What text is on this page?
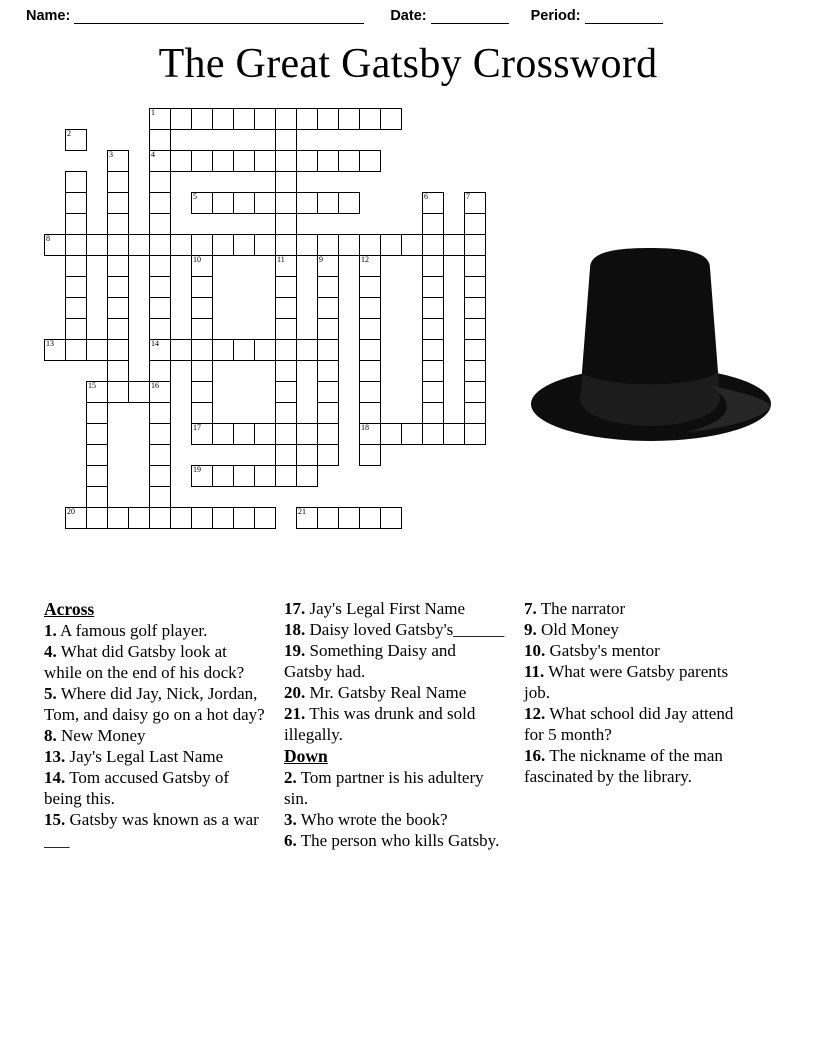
Name:	Date:	Period:
The Great Gatsby Crossword
1
2
3	4
5	6	7
8
10	11	9	12
13	14
15	16
17	18
19
20	21
Across
1. A famous golf player.
4. What did Gatsby look at while on the end of his dock?
5. Where did Jay, Nick, Jordan, Tom, and daisy go on a hot day?
8. New Money
13. Jay's Legal Last Name
14. Tom accused Gatsby of being this.
15. Gatsby was known as a war ___
17. Jay's Legal First Name
18. Daisy loved Gatsby's______
19. Something Daisy and Gatsby had.
20. Mr. Gatsby Real Name
21. This was drunk and sold illegally.
Down
2. Tom partner is his adultery sin.
3. Who wrote the book?
6. The person who kills Gatsby.
7. The narrator
9. Old Money
10. Gatsby's mentor
11. What were Gatsby parents job.
12. What school did Jay attend for 5 month?
16. The nickname of the man fascinated by the library.
